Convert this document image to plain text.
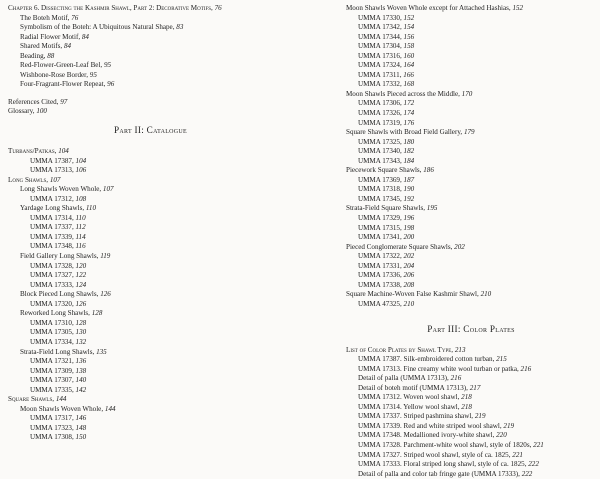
Chapter 6. Dissecting the Kashmir Shawl, Part 2: Decorative Motifs, 76
The Boteh Motif, 76
Symbolism of the Boteh: A Ubiquitous Natural Shape, 83
Radial Flower Motif, 84
Shared Motifs, 84
Beading, 88
Red-Flower-Green-Leaf Bel, 95
Wishbone-Rose Border, 95
Four-Fragrant-Flower Repeat, 96
References Cited, 97
Glossary, 100
Part II: Catalogue
Turbans/Patkas, 104
UMMA 17387, 104
UMMA 17313, 106
Long Shawls, 107
Long Shawls Woven Whole, 107
UMMA 17312, 108
Yardage Long Shawls, 110
UMMA 17314, 110
UMMA 17337, 112
UMMA 17339, 114
UMMA 17348, 116
Field Gallery Long Shawls, 119
UMMA 17328, 120
UMMA 17327, 122
UMMA 17333, 124
Block Pieced Long Shawls, 126
UMMA 17320, 126
Reworked Long Shawls, 128
UMMA 17310, 128
UMMA 17305, 130
UMMA 17334, 132
Strata-Field Long Shawls, 135
UMMA 17321, 136
UMMA 17309, 138
UMMA 17307, 140
UMMA 17335, 142
Square Shawls, 144
Moon Shawls Woven Whole, 144
UMMA 17317, 146
UMMA 17323, 148
UMMA 17308, 150
Moon Shawls Woven Whole except for Attached Hashias, 152
UMMA 17330, 152
UMMA 17342, 154
UMMA 17344, 156
UMMA 17304, 158
UMMA 17316, 160
UMMA 17324, 164
UMMA 17311, 166
UMMA 17332, 168
Moon Shawls Pieced across the Middle, 170
UMMA 17306, 172
UMMA 17326, 174
UMMA 17319, 176
Square Shawls with Broad Field Gallery, 179
UMMA 17325, 180
UMMA 17340, 182
UMMA 17343, 184
Piecework Square Shawls, 186
UMMA 17369, 187
UMMA 17318, 190
UMMA 17345, 192
Strata-Field Square Shawls, 195
UMMA 17329, 196
UMMA 17315, 198
UMMA 17341, 200
Pieced Conglomerate Square Shawls, 202
UMMA 17322, 202
UMMA 17331, 204
UMMA 17336, 206
UMMA 17338, 208
Square Machine-Woven False Kashmir Shawl, 210
UMMA 47325, 210
Part III: Color Plates
List of Color Plates by Shawl Type, 213
UMMA 17387. Silk-embroidered cotton turban, 215
UMMA 17313. Fine creamy white wool turban or patka, 216
Detail of palla (UMMA 17313), 216
Detail of boteh motif (UMMA 17313), 217
UMMA 17312. Woven wool shawl, 218
UMMA 17314. Yellow wool shawl, 218
UMMA 17337. Striped pashmina shawl, 219
UMMA 17339. Red and white striped wool shawl, 219
UMMA 17348. Medallioned ivory-white shawl, 220
UMMA 17328. Parchment-white wool shawl, style of 1820s, 221
UMMA 17327. Striped wool shawl, style of ca. 1825, 221
UMMA 17333. Floral striped long shawl, style of ca. 1825, 222
Detail of palla and color tab fringe gate (UMMA 17333), 222
